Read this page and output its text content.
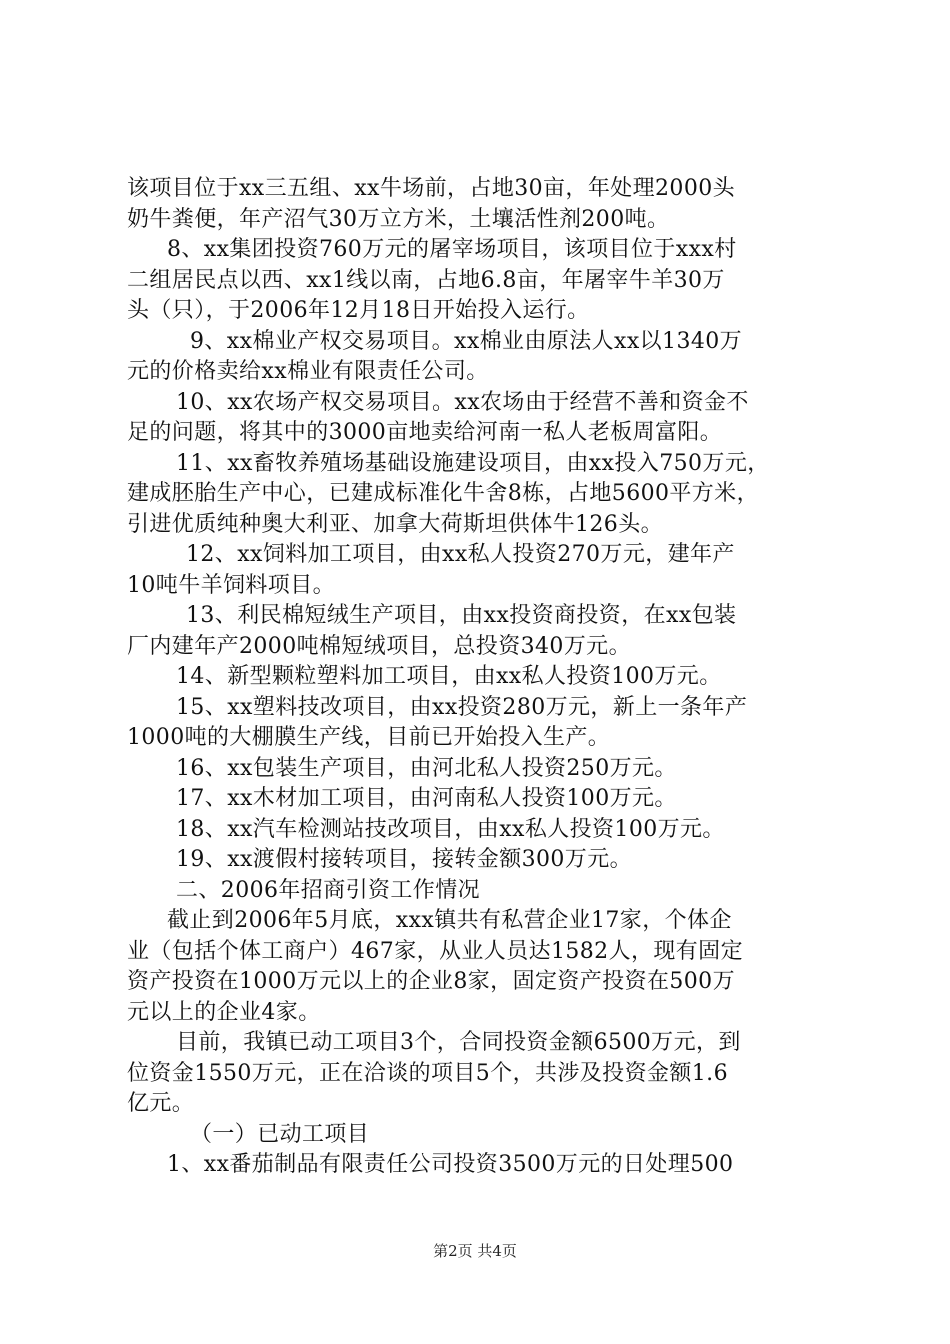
该项目位于xx三五组、xx牛场前，占地30亩，年处理2000头
奶牛粪便，年产沼气30万立方米，土壤活性剂200吨。
8、xx集团投资760万元的屠宰场项目，该项目位于xxx村
二组居民点以西、xx1线以南，占地6.8亩，年屠宰牛羊30万
头（只），于2006年12月18日开始投入运行。
9、xx棉业产权交易项目。xx棉业由原法人xx以1340万
元的价格卖给xx棉业有限责任公司。
10、xx农场产权交易项目。xx农场由于经营不善和资金不
足的问题，将其中的3000亩地卖给河南一私人老板周富阳。
11、xx畜牧养殖场基础设施建设项目，由xx投入750万元，
建成胚胎生产中心，已建成标准化牛舍8栋，占地5600平方米，
引进优质纯种奥大利亚、加拿大荷斯坦供体牛126头。
12、xx饲料加工项目，由xx私人投资270万元，建年产
10吨牛羊饲料项目。
13、利民棉短绒生产项目，由xx投资商投资，在xx包装
厂内建年产2000吨棉短绒项目，总投资340万元。
14、新型颗粒塑料加工项目，由xx私人投资100万元。
15、xx塑料技改项目，由xx投资280万元，新上一条年产
1000吨的大棚膜生产线，目前已开始投入生产。
16、xx包装生产项目，由河北私人投资250万元。
17、xx木材加工项目，由河南私人投资100万元。
18、xx汽车检测站技改项目，由xx私人投资100万元。
19、xx渡假村接转项目，接转金额300万元。
二、2006年招商引资工作情况
截止到2006年5月底，xxx镇共有私营企业17家，个体企
业（包括个体工商户）467家，从业人员达1582人，现有固定
资产投资在1000万元以上的企业8家，固定资产投资在500万
元以上的企业4家。
目前，我镇已动工项目3个，合同投资金额6500万元，到
位资金1550万元，正在洽谈的项目5个，共涉及投资金额1.6
亿元。
（一）已动工项目
1、xx番茄制品有限责任公司投资3500万元的日处理500
第2页 共4页
